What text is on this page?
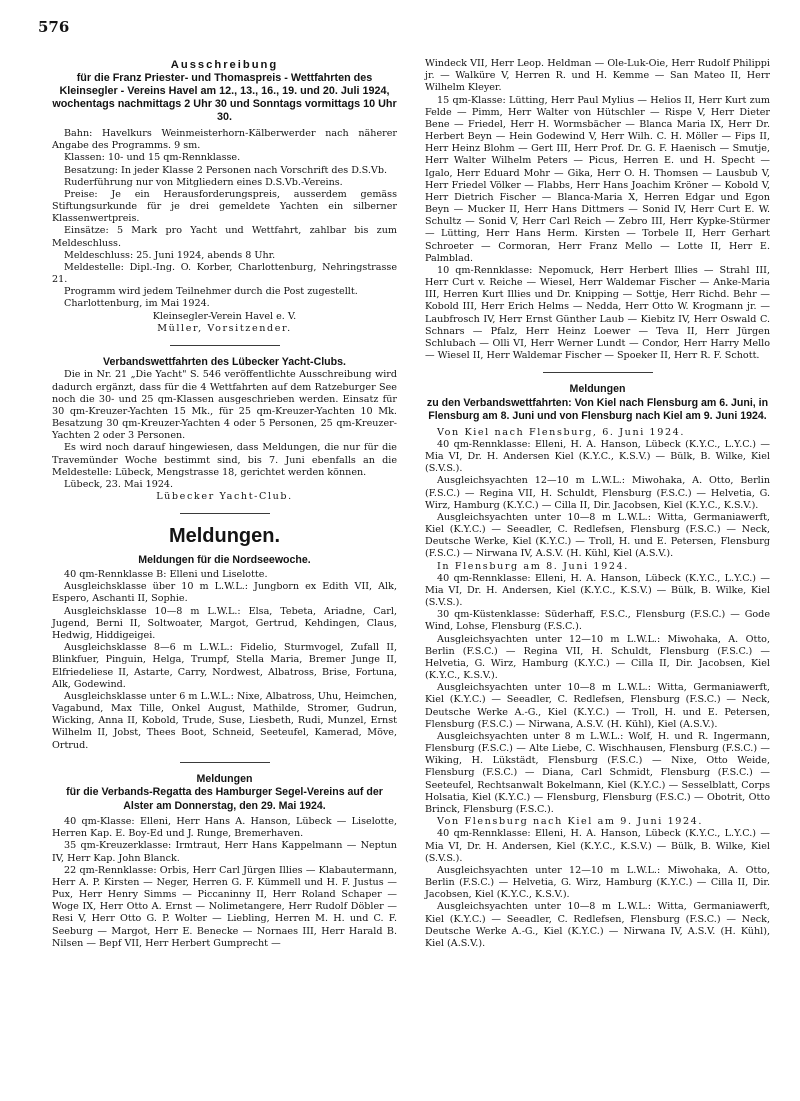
576
Ausschreibung
für die Franz Priester- und Thomaspreis - Wettfahrten des Kleinsegler - Vereins Havel am 12., 13., 16., 19. und 20. Juli 1924, wochentags nachmittags 2 Uhr 30 und Sonntags vormittags 10 Uhr 30.

Bahn: Havelkurs Weinmeisterhorn-Kälberwerder nach näherer Angabe des Programms. 9 sm.

Klassen: 10- und 15 qm-Rennklasse.

Besatzung: In jeder Klasse 2 Personen nach Vorschrift des D.S.Vb.

Ruderführung nur von Mitgliedern eines D.S.Vb.-Vereins.

Preise: Je ein Herausforderungspreis, ausserdem gemäss Stiftungsurkunde für je drei gemeldete Yachten ein silberner Klassenwertpreis.

Einsätze: 5 Mark pro Yacht und Wettfahrt, zahlbar bis zum Meldeschluss.

Meldeschluss: 25. Juni 1924, abends 8 Uhr.

Meldestelle: Dipl.-Ing. O. Korber, Charlottenburg, Nehringstrasse 21.

Programm wird jedem Teilnehmer durch die Post zugestellt.

Charlottenburg, im Mai 1924.

Kleinsegler-Verein Havel e. V.

Müller, Vorsitzender.

Verbandswettfahrten des Lübecker Yacht-Clubs.

Die in Nr. 21 „Die Yacht" S. 546 veröffentlichte Ausschreibung wird dadurch ergänzt, dass für die 4 Wettfahrten auf dem Ratzeburger See noch die 30- und 25 qm-Klassen ausgeschrieben werden. Einsatz für 30 qm-Kreuzer-Yachten 15 Mk., für 25 qm-Kreuzer-Yachten 10 Mk. Besatzung 30 qm-Kreuzer-Yachten 4 oder 5 Personen, 25 qm-Kreuzer-Yachten 2 oder 3 Personen.

Es wird noch darauf hingewiesen, dass Meldungen, die nur für die Travemünder Woche bestimmt sind, bis 7. Juni ebenfalls an die Meldestelle: Lübeck, Mengstrasse 18, gerichtet werden können.

Lübeck, 23. Mai 1924.

Lübecker Yacht-Club.

Meldungen.
Meldungen für die Nordseewoche.

40 qm-Rennklasse B: Elleni und Liselotte.

Ausgleichsklasse über 10 m L.W.L.: Jungborn ex Edith VII, Alk, Espero, Aschanti II, Sophie.

Ausgleichsklasse 10—8 m L.W.L.: Elsa, Tebeta, Ariadne, Carl, Jugend, Berni II, Soltwoater, Margot, Gertrud, Kehdingen, Claus, Hedwig, Hiddigeigei.

Ausgleichsklasse 8—6 m L.W.L.: Fidelio, Sturmvogel, Zufall II, Blinkfuer, Pinguin, Helga, Trumpf, Stella Maria, Bremer Junge II, Elfriedeliese II, Astarte, Carry, Nordwest, Albatross, Brise, Fortuna, Alk, Godewind.

Ausgleichsklasse unter 6 m L.W.L.: Nixe, Albatross, Uhu, Heimchen, Vagabund, Max Tille, Onkel August, Mathilde, Stromer, Gudrun, Wicking, Anna II, Kobold, Trude, Suse, Liesbeth, Rudi, Munzel, Ernst Wilhelm II, Jobst, Thees Boot, Schneid, Seeteufel, Kamerad, Möve, Ortrud.

Meldungen
für die Verbands-Regatta des Hamburger Segel-Vereins auf der Alster am Donnerstag, den 29. Mai 1924.

40 qm-Klasse: Elleni, Herr Hans A. Hanson, Lübeck — Liselotte, Herren Kap. E. Boy-Ed und J. Runge, Bremerhaven.

35 qm-Kreuzerklasse: Irmtraut, Herr Hans Kappelmann — Neptun IV, Herr Kap. John Blanck.

22 qm-Rennklasse: Orbis, Herr Carl Jürgen Illies — Klabautermann, Herr A. P. Kirsten — Neger, Herren G. F. Kümmell und H. F. Justus — Pux, Herr Henry Simms — Piccaninny II, Herr Roland Schaper — Woge IX, Herr Otto A. Ernst — Nolimetangere, Herr Rudolf Döbler — Resi V, Herr Otto G. P. Wolter — Liebling, Herren M. H. und C. F. Seeburg — Margot, Herr E. Benecke — Nornaes III, Herr Harald B. Nilsen — Bepf VII, Herr Herbert Gumprecht —

Windeck VII, Herr Leop. Heldman — Ole-Luk-Oie, Herr Rudolf Philippi jr. — Walküre V, Herren R. und H. Kemme — San Mateo II, Herr Wilhelm Kleyer.

15 qm-Klasse: Lütting, Herr Paul Mylius — Helios II, Herr Kurt zum Felde — Pimm, Herr Walter von Hütschler — Rispe V, Herr Dieter Bene — Friedel, Herr H. Wormsbächer — Blanca Maria IX, Herr Dr. Herbert Beyn — Hein Godewind V, Herr Wilh. C. H. Möller — Fips II, Herr Heinz Blohm — Gert III, Herr Prof. Dr. G. F. Haenisch — Smutje, Herr Walter Wilhelm Peters — Picus, Herren E. und H. Specht — Igalo, Herr Eduard Mohr — Gika, Herr O. H. Thomsen — Lausbub V, Herr Friedel Völker — Flabbs, Herr Hans Joachim Kröner — Kobold V, Herr Dietrich Fischer — Blanca-Maria X, Herren Edgar und Egon Beyn — Mucker II, Herr Hans Dittmers — Sonid IV, Herr Curt E. W. Schultz — Sonid V, Herr Carl Reich — Zebro III, Herr Kypke-Stürmer — Lütting, Herr Hans Herm. Kirsten — Torbele II, Herr Gerhart Schroeter — Cormoran, Herr Franz Mello — Lotte II, Herr E. Palmblad.

10 qm-Rennklasse: Nepomuck, Herr Herbert Illies — Strahl III, Herr Curt v. Reiche — Wiesel, Herr Waldemar Fischer — Anke-Maria III, Herren Kurt Illies und Dr. Knipping — Sottje, Herr Richd. Behr — Kobold III, Herr Erich Helms — Nedda, Herr Otto W. Krogmann jr. — Laubfrosch IV, Herr Ernst Günther Laub — Kiebitz IV, Herr Oswald C. Schnars — Pfalz, Herr Heinz Loewer — Teva II, Herr Jürgen Schlubach — Olli VI, Herr Werner Lundt — Condor, Herr Harry Mello — Wiesel II, Herr Waldemar Fischer — Spoeker II, Herr R. F. Schott.

Meldungen
zu den Verbandswettfahrten: Von Kiel nach Flensburg am 6. Juni, in Flensburg am 8. Juni und von Flensburg nach Kiel am 9. Juni 1924.

Von Kiel nach Flensburg, 6. Juni 1924.

40 qm-Rennklasse: Elleni, H. A. Hanson, Lübeck (K.Y.C., L.Y.C.) — Mia VI, Dr. H. Andersen Kiel (K.Y.C., K.S.V.) — Bülk, B. Wilke, Kiel (S.V.S.).

Ausgleichsyachten 12—10 m L.W.L.: Miwohaka, A. Otto, Berlin (F.S.C.) — Regina VII, H. Schuldt, Flensburg (F.S.C.) — Helvetia, G. Wirz, Hamburg (K.Y.C.) — Cilla II, Dir. Jacobsen, Kiel (K.Y.C., K.S.V.).

Ausgleichsyachten unter 10—8 m L.W.L.: Witta, Germaniawerft, Kiel (K.Y.C.) — Seeadler, C. Redlefsen, Flensburg (F.S.C.) — Neck, Deutsche Werke, Kiel (K.Y.C.) — Troll, H. und E. Petersen, Flensburg (F.S.C.) — Nirwana IV, A.S.V. (H. Kühl, Kiel (A.S.V.).

In Flensburg am 8. Juni 1924.

40 qm-Rennklasse: Elleni, H. A. Hanson, Lübeck (K.Y.C., L.Y.C.) — Mia VI, Dr. H. Andersen, Kiel (K.Y.C., K.S.V.) — Bülk, B. Wilke, Kiel (S.V.S.).

30 qm-Küstenklasse: Süderhaff, F.S.C., Flensburg (F.S.C.) — Gode Wind, Lohse, Flensburg (F.S.C.).

Ausgleichsyachten unter 12—10 m L.W.L.: Miwohaka, A. Otto, Berlin (F.S.C.) — Regina VII, H. Schuldt, Flensburg (F.S.C.) — Helvetia, G. Wirz, Hamburg (K.Y.C.) — Cilla II, Dir. Jacobsen, Kiel (K.Y.C., K.S.V.).

Ausgleichsyachten unter 10—8 m L.W.L.: Witta, Germaniawerft, Kiel (K.Y.C.) — Seeadler, C. Redlefsen, Flensburg (F.S.C.) — Neck, Deutsche Werke A.-G., Kiel (K.Y.C.) — Troll, H. und E. Petersen, Flensburg (F.S.C.) — Nirwana, A.S.V. (H. Kühl), Kiel (A.S.V.).

Ausgleichsyachten unter 8 m L.W.L.: Wolf, H. und R. Ingermann, Flensburg (F.S.C.) — Alte Liebe, C. Wischhausen, Flensburg (F.S.C.) — Wiking, H. Lükstädt, Flensburg (F.S.C.) — Nixe, Otto Weide, Flensburg (F.S.C.) — Diana, Carl Schmidt, Flensburg (F.S.C.) — Seeteufel, Rechtsanwalt Bokelmann, Kiel (K.Y.C.) — Sesselblatt, Corps Holsatia, Kiel (K.Y.C.) — Flensburg, Flensburg (F.S.C.) — Obotrit, Otto Brinck, Flensburg (F.S.C.).

Von Flensburg nach Kiel am 9. Juni 1924.

40 qm-Rennklasse: Elleni, H. A. Hanson, Lübeck (K.Y.C., L.Y.C.) — Mia VI, Dr. H. Andersen, Kiel (K.Y.C., K.S.V.) — Bülk, B. Wilke, Kiel (S.V.S.).

Ausgleichsyachten unter 12—10 m L.W.L.: Miwohaka, A. Otto, Berlin (F.S.C.) — Helvetia, G. Wirz, Hamburg (K.Y.C.) — Cilla II, Dir. Jacobsen, Kiel (K.Y.C., K.S.V.).

Ausgleichsyachten unter 10—8 m L.W.L.: Witta, Germaniawerft, Kiel (K.Y.C.) — Seeadler, C. Redlefsen, Flensburg (F.S.C.) — Neck, Deutsche Werke A.-G., Kiel (K.Y.C.) — Nirwana IV, A.S.V. (H. Kühl), Kiel (A.S.V.).
